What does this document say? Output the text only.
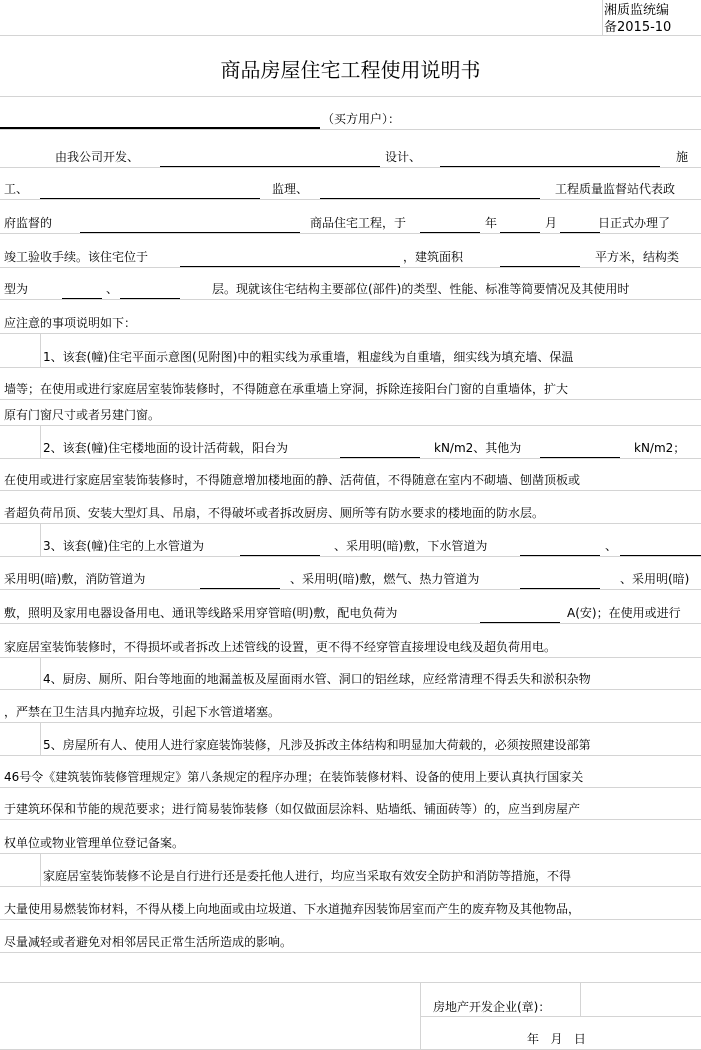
湘质监统编
备2015-10
商品房屋住宅工程使用说明书
（买方用户）：
由我公司开发、	设计、	施
工、	监理、	工程质量监督站代表政
府监督的	商品住宅工程，于	年	月	日正式办理了
竣工验收手续。该住宅位于	，建筑面积	平方米，结构类
型为	、	层。现就该住宅结构主要部位(部件)的类型、性能、标准等简要情况及其使用时
应注意的事项说明如下：
1、该套(幢)住宅平面示意图(见附图)中的粗实线为承重墙，粗虚线为自重墙，细实线为填充墙、保温
墙等；在使用或进行家庭居室装饰装修时，不得随意在承重墙上穿洞，拆除连接阳台门窗的自重墙体，扩大
原有门窗尺寸或者另建门窗。
2、该套(幢)住宅楼地面的设计活荷载，阳台为	kN/m2、其他为	kN/m2；
在使用或进行家庭居室装饰装修时，不得随意增加楼地面的静、活荷值，不得随意在室内不砌墙、刨凿顶板或
者超负荷吊顶、安装大型灯具、吊扇，不得破坏或者拆改厨房、厕所等有防水要求的楼地面的防水层。
3、该套(幢)住宅的上水管道为	、采用明(暗)敷，下水管道为	、
采用明(暗)敷，消防管道为	、采用明(暗)敷，燃气、热力管道为	、采用明(暗)
敷，照明及家用电器设备用电、通讯等线路采用穿管暗(明)敷，配电负荷为	A(安)；在使用或进行
家庭居室装饰装修时，不得损坏或者拆改上述管线的设置，更不得不经穿管直接埋设电线及超负荷用电。
4、厨房、厕所、阳台等地面的地漏盖板及屋面雨水管、洞口的铝丝球，应经常清理不得丢失和淤积杂物
，严禁在卫生洁具内抛弃垃圾，引起下水管道堵塞。
5、房屋所有人、使用人进行家庭装饰装修，凡涉及拆改主体结构和明显加大荷载的，必须按照建设部第
46号令《建筑装饰装修管理规定》第八条规定的程序办理；在装饰装修材料、设备的使用上要认真执行国家关
于建筑环保和节能的规范要求；进行简易装饰装修（如仅做面层涂料、贴墙纸、铺面砖等）的，应当到房屋产
权单位或物业管理单位登记备案。
家庭居室装饰装修不论是自行进行还是委托他人进行，均应当采取有效安全防护和消防等措施，不得
大量使用易燃装饰材料，不得从楼上向地面或由垃圾道、下水道抛弃因装饰居室而产生的废弃物及其他物品，
尽量减轻或者避免对相邻居民正常生活所造成的影响。
房地产开发企业(章)：
年   月   日
